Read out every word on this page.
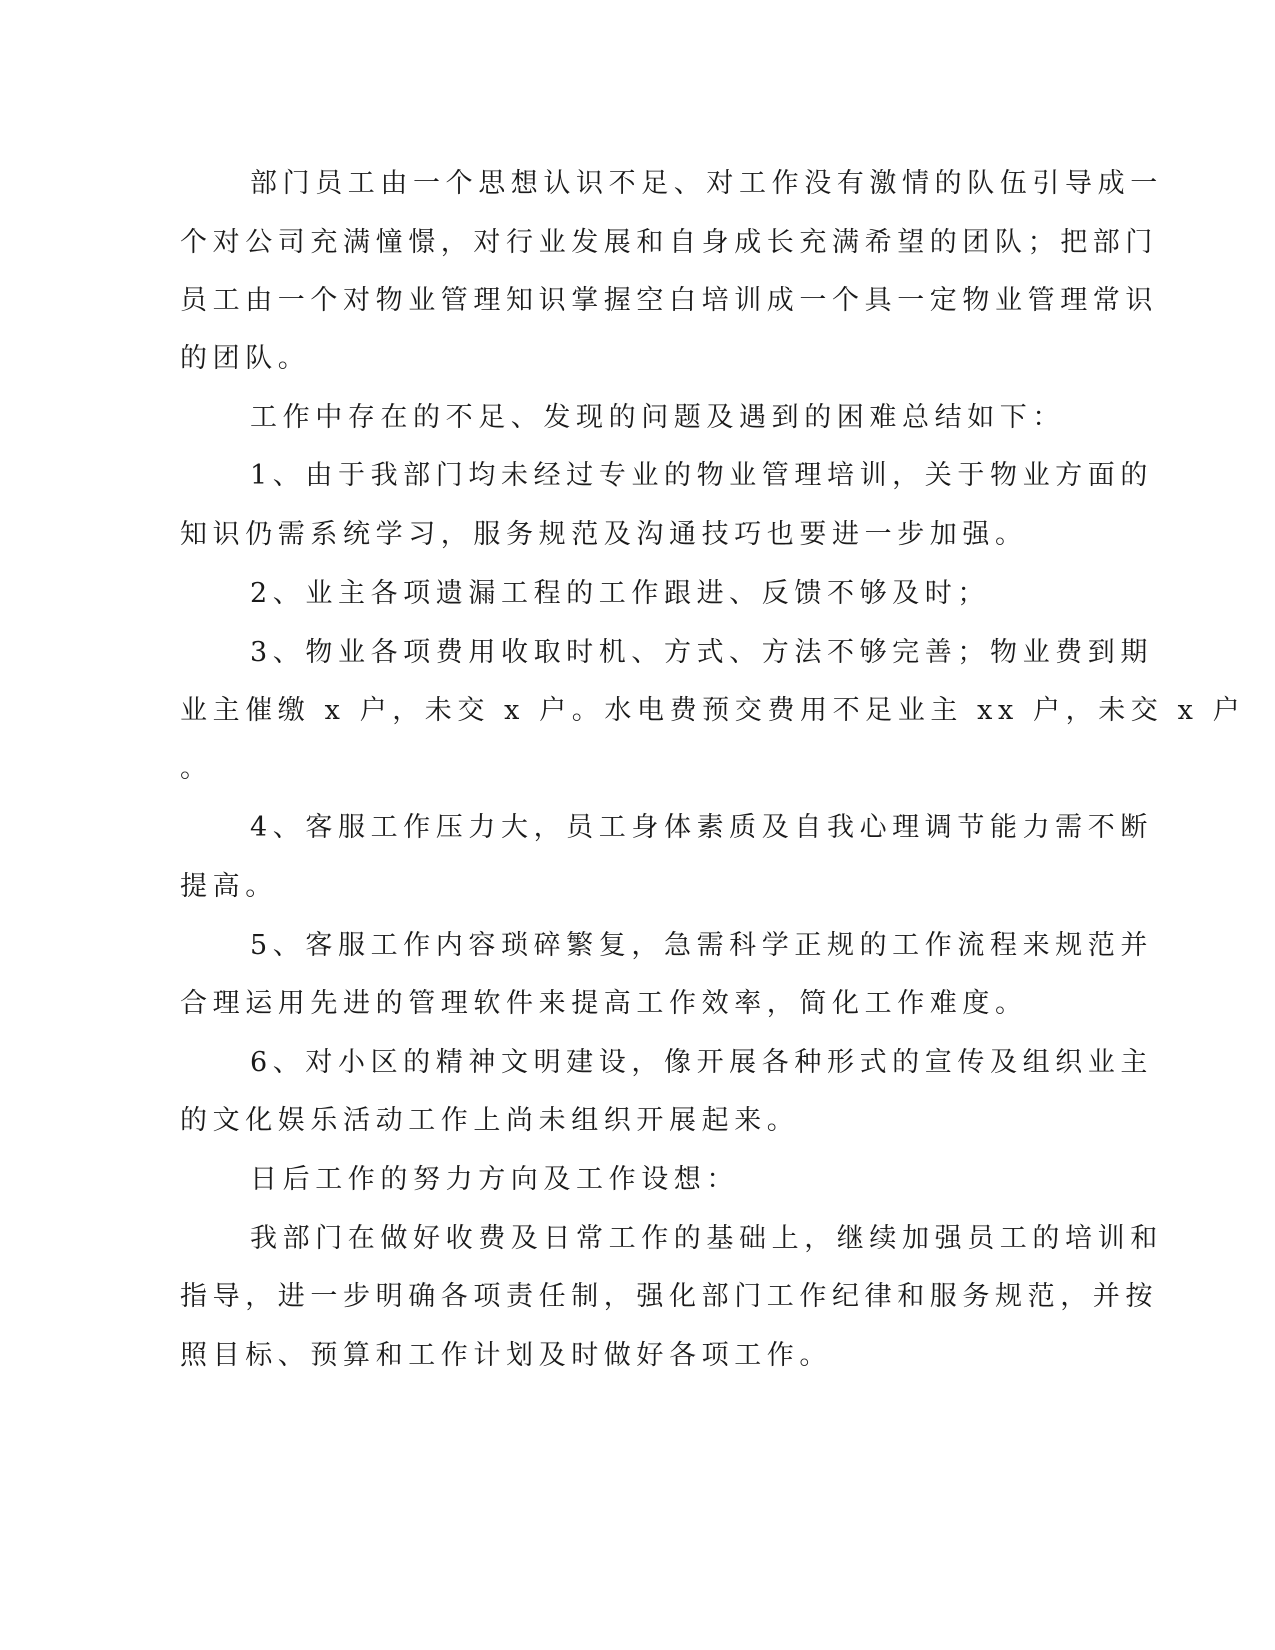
部门员工由一个思想认识不足、对工作没有激情的队伍引导成一
个对公司充满憧憬，对行业发展和自身成长充满希望的团队；把部门
员工由一个对物业管理知识掌握空白培训成一个具一定物业管理常识
的团队。
工作中存在的不足、发现的问题及遇到的困难总结如下：
1、由于我部门均未经过专业的物业管理培训，关于物业方面的
知识仍需系统学习，服务规范及沟通技巧也要进一步加强。
2、业主各项遗漏工程的工作跟进、反馈不够及时；
3、物业各项费用收取时机、方式、方法不够完善；物业费到期
业主催缴 x 户，未交 x 户。水电费预交费用不足业主 xx 户，未交 x 户
。
4、客服工作压力大，员工身体素质及自我心理调节能力需不断
提高。
5、客服工作内容琐碎繁复，急需科学正规的工作流程来规范并
合理运用先进的管理软件来提高工作效率，简化工作难度。
6、对小区的精神文明建设，像开展各种形式的宣传及组织业主
的文化娱乐活动工作上尚未组织开展起来。
日后工作的努力方向及工作设想：
我部门在做好收费及日常工作的基础上，继续加强员工的培训和
指导，进一步明确各项责任制，强化部门工作纪律和服务规范，并按
照目标、预算和工作计划及时做好各项工作。
